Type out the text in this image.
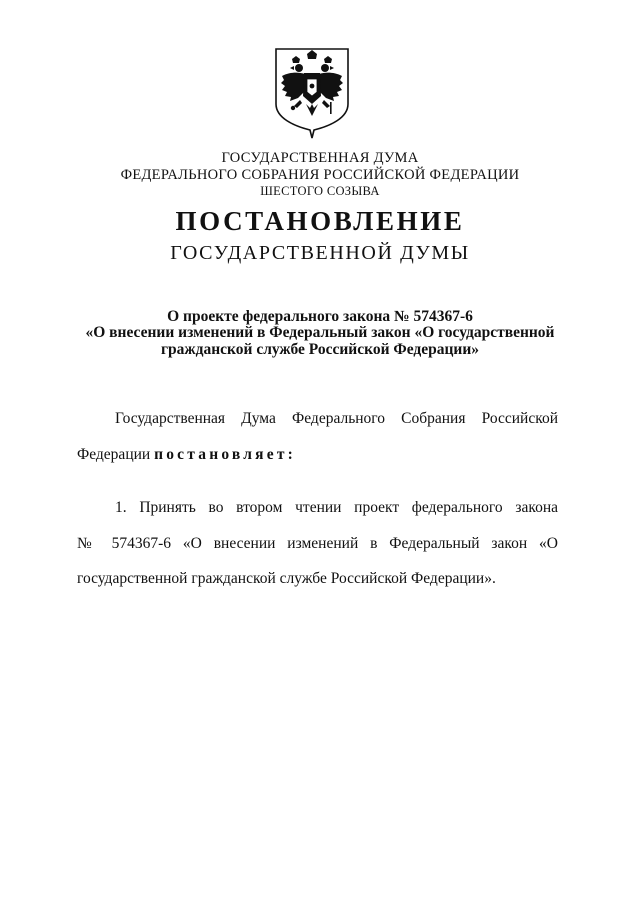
ГОСУДАРСТВЕННАЯ ДУМА
ФЕДЕРАЛЬНОГО СОБРАНИЯ РОССИЙСКОЙ ФЕДЕРАЦИИ
ШЕСТОГО СОЗЫВА
ПОСТАНОВЛЕНИЕ
ГОСУДАРСТВЕННОЙ ДУМЫ
О проекте федерального закона № 574367-6
«О внесении изменений в Федеральный закон «О государственной
гражданской службе Российской Федерации»
Государственная Дума Федерального Собрания Российской
Федерации постановляет:
1. Принять во втором чтении проект федерального закона
№ 574367-6 «О внесении изменений в Федеральный закон «О
государственной гражданской службе Российской Федерации».
